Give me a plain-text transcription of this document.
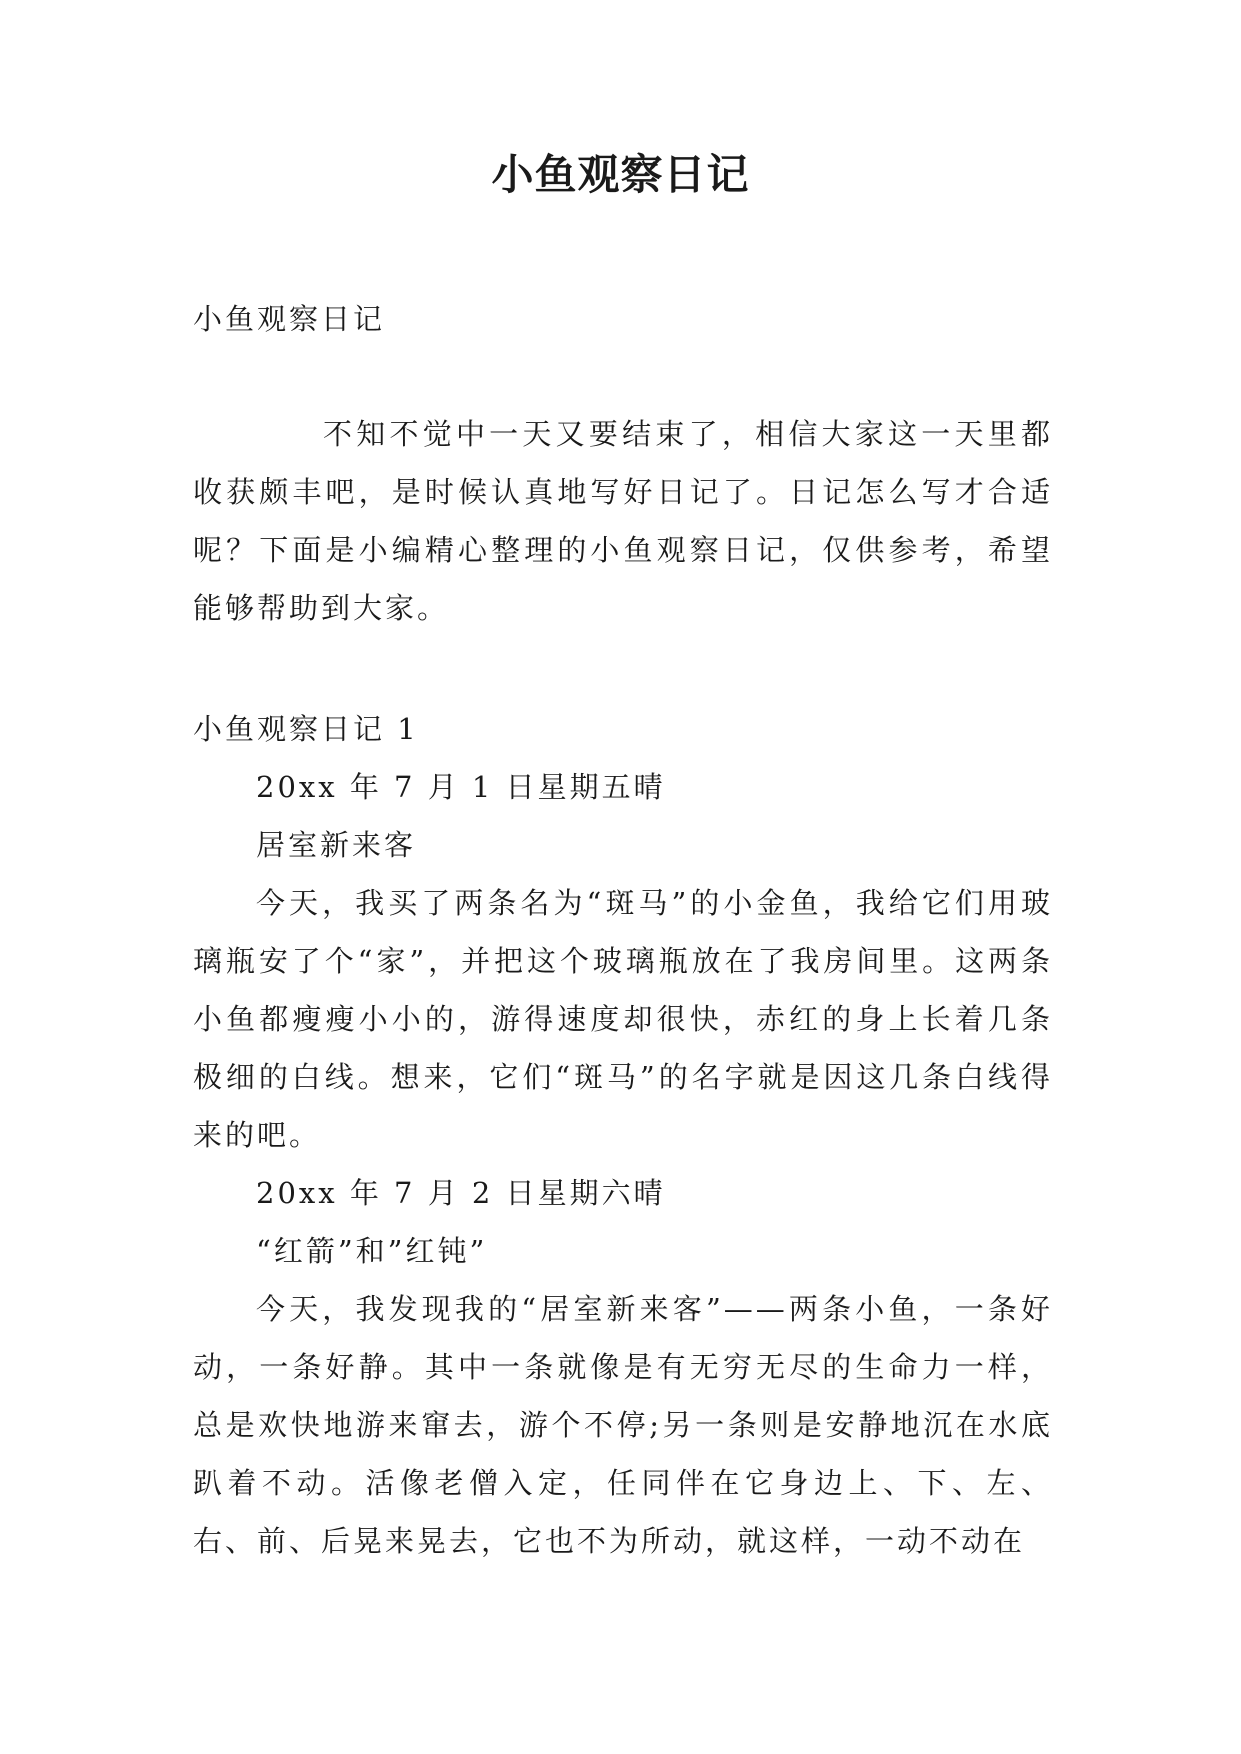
小鱼观察日记

小鱼观察日记

不知不觉中一天又要结束了，相信大家这一天里都收获颇丰吧，是时候认真地写好日记了。日记怎么写才合适呢？下面是小编精心整理的小鱼观察日记，仅供参考，希望能够帮助到大家。

小鱼观察日记 1

20xx 年 7 月 1 日星期五晴

居室新来客

今天，我买了两条名为“斑马”的小金鱼，我给它们用玻璃瓶安了个“家”，并把这个玻璃瓶放在了我房间里。这两条小鱼都瘦瘦小小的，游得速度却很快，赤红的身上长着几条极细的白线。想来，它们“斑马”的名字就是因这几条白线得来的吧。

20xx 年 7 月 2 日星期六晴

“红箭”和”红钝”

今天，我发现我的“居室新来客”——两条小鱼，一条好动，一条好静。其中一条就像是有无穷无尽的生命力一样，总是欢快地游来窜去，游个不停;另一条则是安静地沉在水底趴着不动。活像老僧入定，任同伴在它身边上、下、左、右、前、后晃来晃去，它也不为所动，就这样，一动不动在
